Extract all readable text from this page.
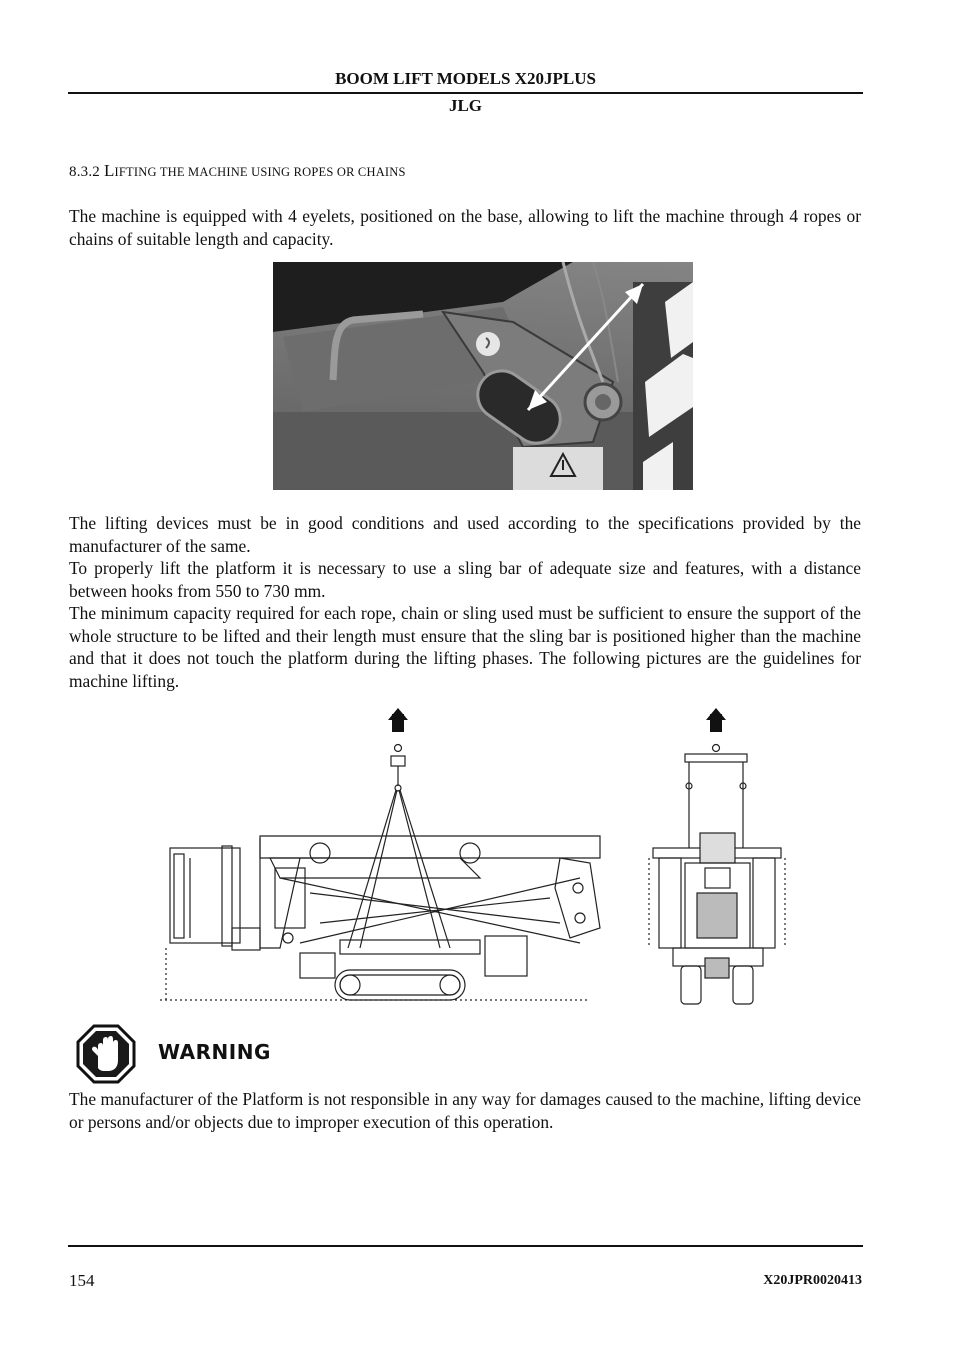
BOOM LIFT MODELS X20JPLUS
JLG
8.3.2 LIFTING THE MACHINE USING ROPES OR CHAINS

The machine is equipped with 4 eyelets, positioned on the base, allowing to lift the machine through 4 ropes or chains of suitable length and capacity.

The lifting devices must be in good conditions and used according to the specifications provided by the manufacturer of the same.

To properly lift the platform it is necessary to use a sling bar of adequate size and features, with a distance between hooks from 550 to 730 mm.

The minimum capacity required for each rope, chain or sling used must be sufficient to ensure the support of the whole structure to be lifted and their length must ensure that the sling bar is positioned higher than the machine and that it does not touch the platform during the lifting phases. The following pictures are the guidelines for machine lifting.

WARNING

The manufacturer of the Platform is not responsible in any way for damages caused to the machine, lifting device or persons and/or objects due to improper execution of this operation.

154	X20JPR0020413
